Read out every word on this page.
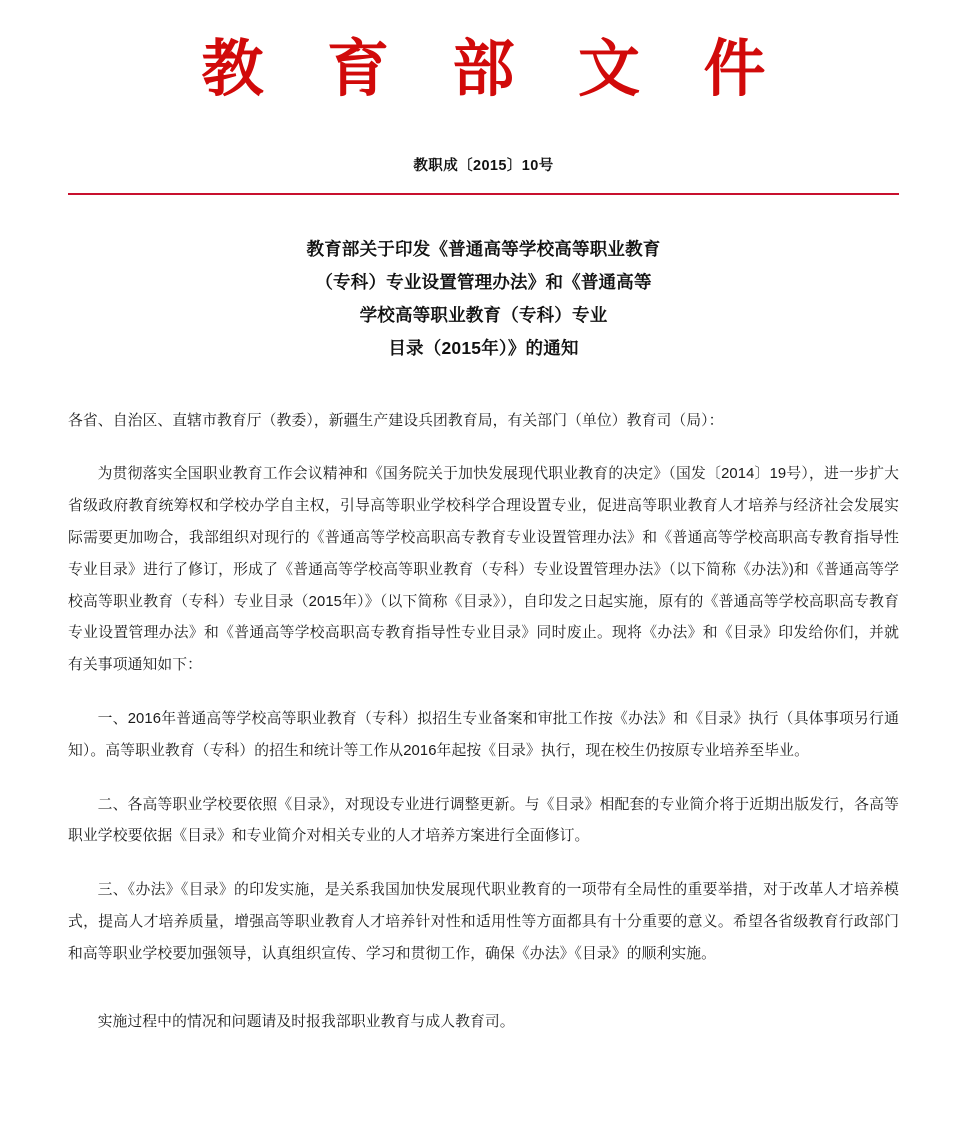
教 育 部 文 件
教职成〔2015〕10号
教育部关于印发《普通高等学校高等职业教育
（专科）专业设置管理办法》和《普通高等
学校高等职业教育（专科）专业
目录（2015年）》的通知

各省、自治区、直辖市教育厅（教委），新疆生产建设兵团教育局，有关部门（单位）教育司（局）：

为贯彻落实全国职业教育工作会议精神和《国务院关于加快发展现代职业教育的决定》（国发〔2014〕19号），进一步扩大省级政府教育统筹权和学校办学自主权，引导高等职业学校科学合理设置专业，促进高等职业教育人才培养与经济社会发展实际需要更加吻合，我部组织对现行的《普通高等学校高职高专教育专业设置管理办法》和《普通高等学校高职高专教育指导性专业目录》进行了修订，形成了《普通高等学校高等职业教育（专科）专业设置管理办法》（以下简称《办法》)和《普通高等学校高等职业教育（专科）专业目录（2015年）》（以下简称《目录》），自印发之日起实施，原有的《普通高等学校高职高专教育专业设置管理办法》和《普通高等学校高职高专教育指导性专业目录》同时废止。现将《办法》和《目录》印发给你们，并就有关事项通知如下：

一、2016年普通高等学校高等职业教育（专科）拟招生专业备案和审批工作按《办法》和《目录》执行（具体事项另行通知）。高等职业教育（专科）的招生和统计等工作从2016年起按《目录》执行，现在校生仍按原专业培养至毕业。

二、各高等职业学校要依照《目录》，对现设专业进行调整更新。与《目录》相配套的专业简介将于近期出版发行，各高等职业学校要依据《目录》和专业简介对相关专业的人才培养方案进行全面修订。

三、《办法》《目录》的印发实施，是关系我国加快发展现代职业教育的一项带有全局性的重要举措，对于改革人才培养模式，提高人才培养质量，增强高等职业教育人才培养针对性和适用性等方面都具有十分重要的意义。希望各省级教育行政部门和高等职业学校要加强领导，认真组织宣传、学习和贯彻工作，确保《办法》《目录》的顺利实施。

实施过程中的情况和问题请及时报我部职业教育与成人教育司。
